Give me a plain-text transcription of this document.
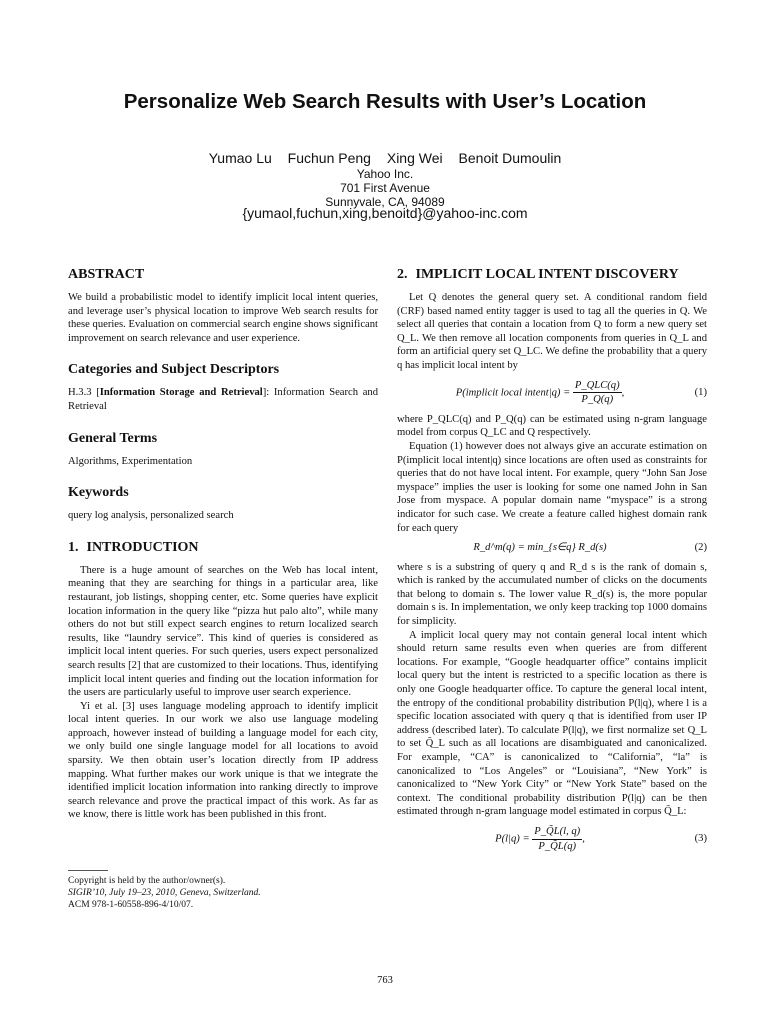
Personalize Web Search Results with User’s Location
Yumao Lu Fuchun Peng Xing Wei Benoit Dumoulin
Yahoo Inc.
701 First Avenue
Sunnyvale, CA, 94089
{yumaol,fuchun,xing,benoitd}@yahoo-inc.com
ABSTRACT

We build a probabilistic model to identify implicit local intent queries, and leverage user’s physical location to improve Web search results for these queries. Evaluation on commercial search engine shows significant improvement on search relevance and user experience.

Categories and Subject Descriptors

H.3.3 [Information Storage and Retrieval]: Information Search and Retrieval

General Terms

Algorithms, Experimentation

Keywords

query log analysis, personalized search

1. INTRODUCTION

There is a huge amount of searches on the Web has local intent, meaning that they are searching for things in a particular area, like restaurant, job listings, shopping center, etc. Some queries have explicit location information in the query like “pizza hut palo alto”, while many others do not but still expect search engines to return localized search results, like “laundry service”. This kind of queries is considered as implicit local intent queries. For such queries, users expect personalized search results [2] that are customized to their locations. Thus, identifying implicit local intent queries and finding out the location information for the users are particularly useful to improve user search experience.

Yi et al. [3] uses language modeling approach to identify implicit local intent queries. In our work we also use language modeling approach, however instead of building a language model for each city, we only build one single language model for all locations to avoid sparsity. We then obtain user’s location directly from IP address mapping. What further makes our work unique is that we integrate the identified implicit location information into ranking directly to improve search relevance and prove the practical impact of this work. As far as we know, there is little work has been published in this front.

Copyright is held by the author/owner(s).
SIGIR’10, July 19–23, 2010, Geneva, Switzerland.
ACM 978-1-60558-896-4/10/07.
2. IMPLICIT LOCAL INTENT DISCOVERY

Let Q denotes the general query set. A conditional random field (CRF) based named entity tagger is used to tag all the queries in Q. We select all queries that contain a location from Q to form a new query set Q_L. We then remove all location components from queries in Q_L and form an artificial query set Q_LC. We define the probability that a query q has implicit local intent by

P(implicit local intent|q) = $\frac{\text{P\_QLC(q)}}{P\_Q(q)}$ ,	(1)

where P_QLC(q) and P_Q(q) can be estimated using n-gram language model from corpus Q_LC and Q respectively.

Equation (1) however does not always give an accurate estimation on P(implicit local intent|q) since locations are often used as constraints for queries that do not have local intent. For example, query “John San Jose myspace” implies the user is looking for some one named John in San Jose from myspace. A popular domain name “myspace” is a strong indicator for such case. We create a feature called highest domain rank for each query

R_d^m(q) = min_{s∈q} R_d(s)	(2)

where s is a substring of query q and R_d s is the rank of domain s, which is ranked by the accumulated number of clicks on the documents that belong to domain s. The lower value R_d(s) is, the more popular domain s is. In implementation, we only keep tracking top 1000 domains for simplicity.

A implicit local query may not contain general local intent which should return same results even when queries are from different locations. For example, “Google headquarter office” contains implicit local query but the intent is restricted to a specific location as there is only one Google headquarter office. To capture the general local intent, the entropy of the conditional probability distribution P(l|q), where l is a specific location associated with query q that is identified from user IP address (described later). To calculate P(l|q), we first normalize set Q_L to set Q̃_L such as all locations are disambiguated and canonicalized. For example, “CA” is canonicalized to “California”, “la” is canonicalized to “Los Angeles” or “Louisiana”, “New York” is canonicalized to “New York City” or “New York State” based on the context. The conditional probability distribution P(l|q) can be then estimated through n-gram language model estimated in corpus Q̃_L:

$P(l|q) = \frac{P\_Q̃L(l, q)}{P\_Q̃L(q)}$ ,	(3)
763
